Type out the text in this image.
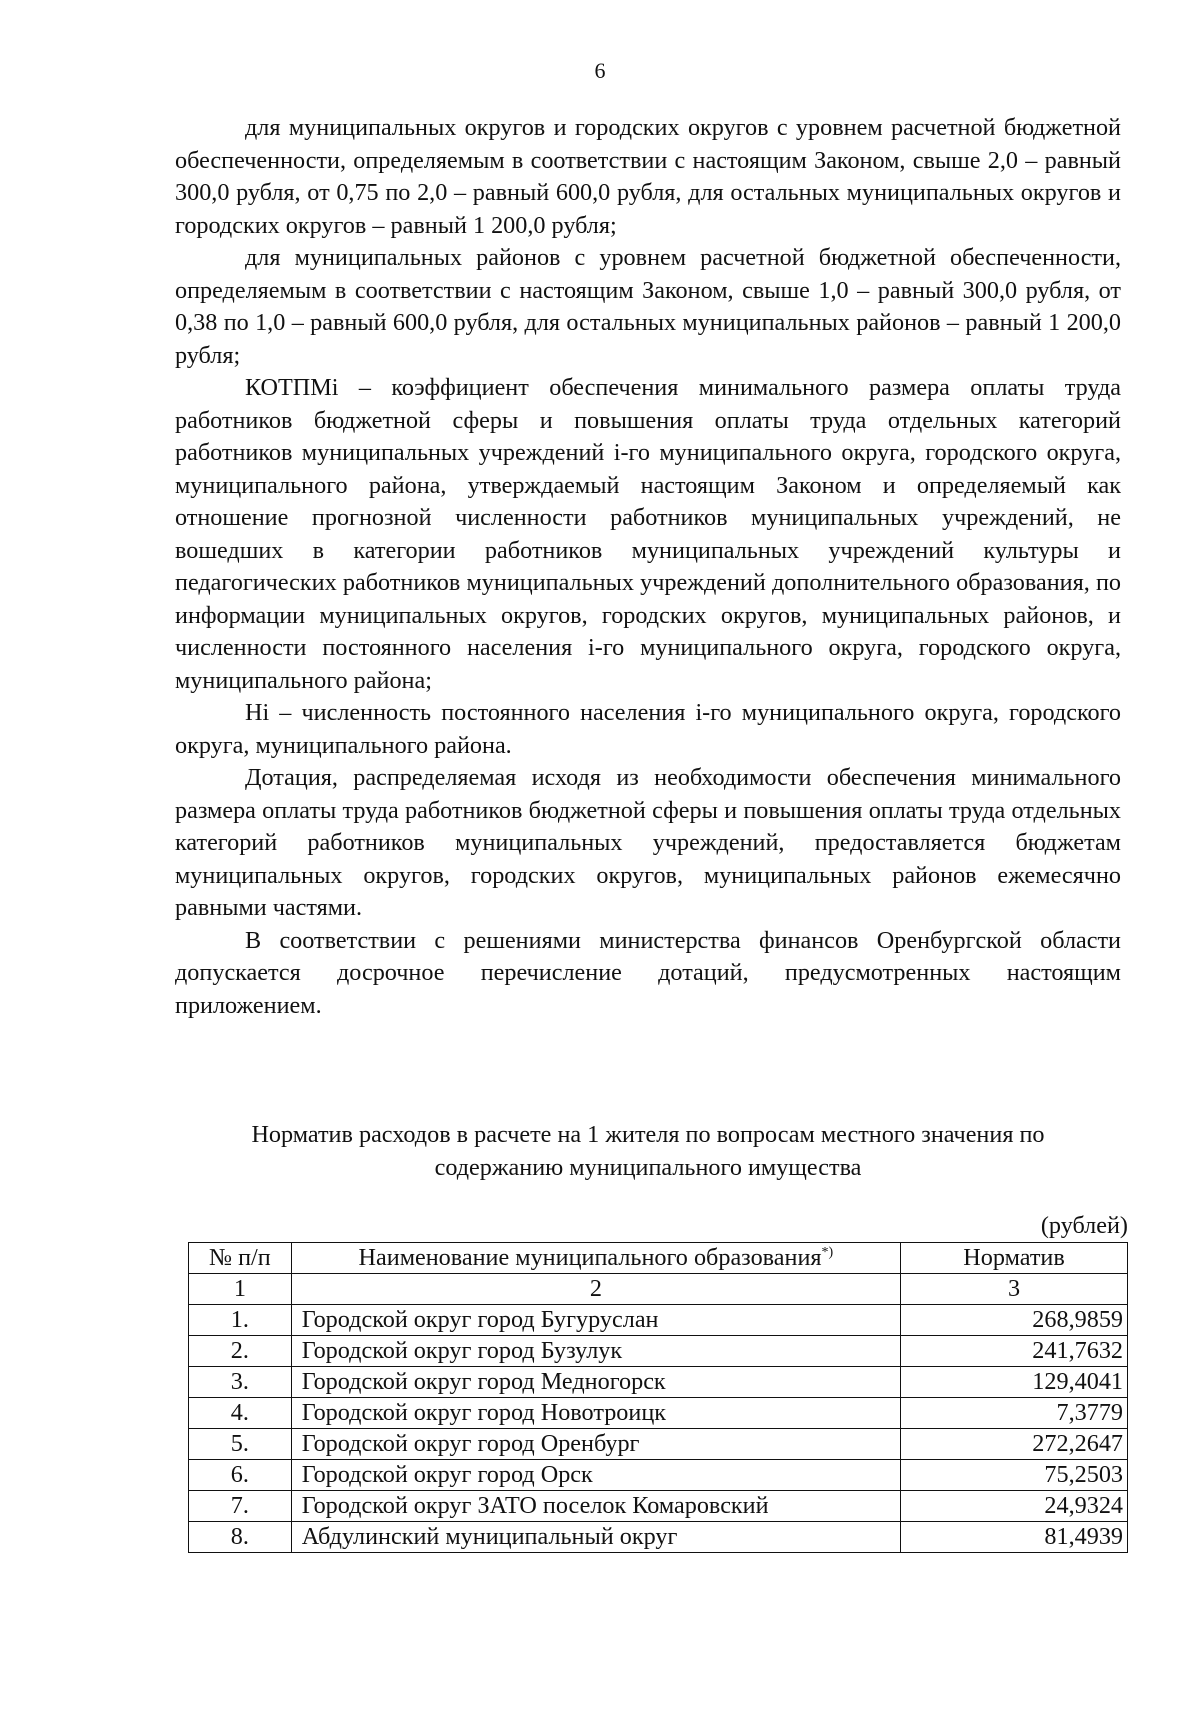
6

для муниципальных округов и городских округов с уровнем расчетной бюджетной обеспеченности, определяемым в соответствии с настоящим Законом, свыше 2,0 – равный 300,0 рубля, от 0,75 по 2,0 – равный 600,0 рубля, для остальных муниципальных округов и городских округов – равный 1 200,0 рубля;

для муниципальных районов с уровнем расчетной бюджетной обеспеченности, определяемым в соответствии с настоящим Законом, свыше 1,0 – равный 300,0 рубля, от 0,38 по 1,0 – равный 600,0 рубля, для остальных муниципальных районов – равный 1 200,0 рубля;

КОТПМi – коэффициент обеспечения минимального размера оплаты труда работников бюджетной сферы и повышения оплаты труда отдельных категорий работников муниципальных учреждений i-го муниципального округа, городского округа, муниципального района, утверждаемый настоящим Законом и определяемый как отношение прогнозной численности работников муниципальных учреждений, не вошедших в категории работников муниципальных учреждений культуры и педагогических работников муниципальных учреждений дополнительного образования, по информации муниципальных округов, городских округов, муниципальных районов, и численности постоянного населения i-го муниципального округа, городского округа, муниципального района;

Нi – численность постоянного населения i-го муниципального округа, городского округа, муниципального района.

Дотация, распределяемая исходя из необходимости обеспечения минимального размера оплаты труда работников бюджетной сферы и повышения оплаты труда отдельных категорий работников муниципальных учреждений, предоставляется бюджетам муниципальных округов, городских округов, муниципальных районов ежемесячно равными частями.

В соответствии с решениями министерства финансов Оренбургской области допускается досрочное перечисление дотаций, предусмотренных настоящим приложением.

Норматив расходов в расчете на 1 жителя по вопросам местного значения по
содержанию муниципального имущества
(рублей)
№ п/п	Наименование муниципального образования*)	Норматив
1	2	3
1.	Городской округ город Бугуруслан	268,9859
2.	Городской округ город Бузулук	241,7632
3.	Городской округ город Медногорск	129,4041
4.	Городской округ город Новотроицк	7,3779
5.	Городской округ город Оренбург	272,2647
6.	Городской округ город Орск	75,2503
7.	Городской округ ЗАТО поселок Комаровский	24,9324
8.	Абдулинский муниципальный округ	81,4939
